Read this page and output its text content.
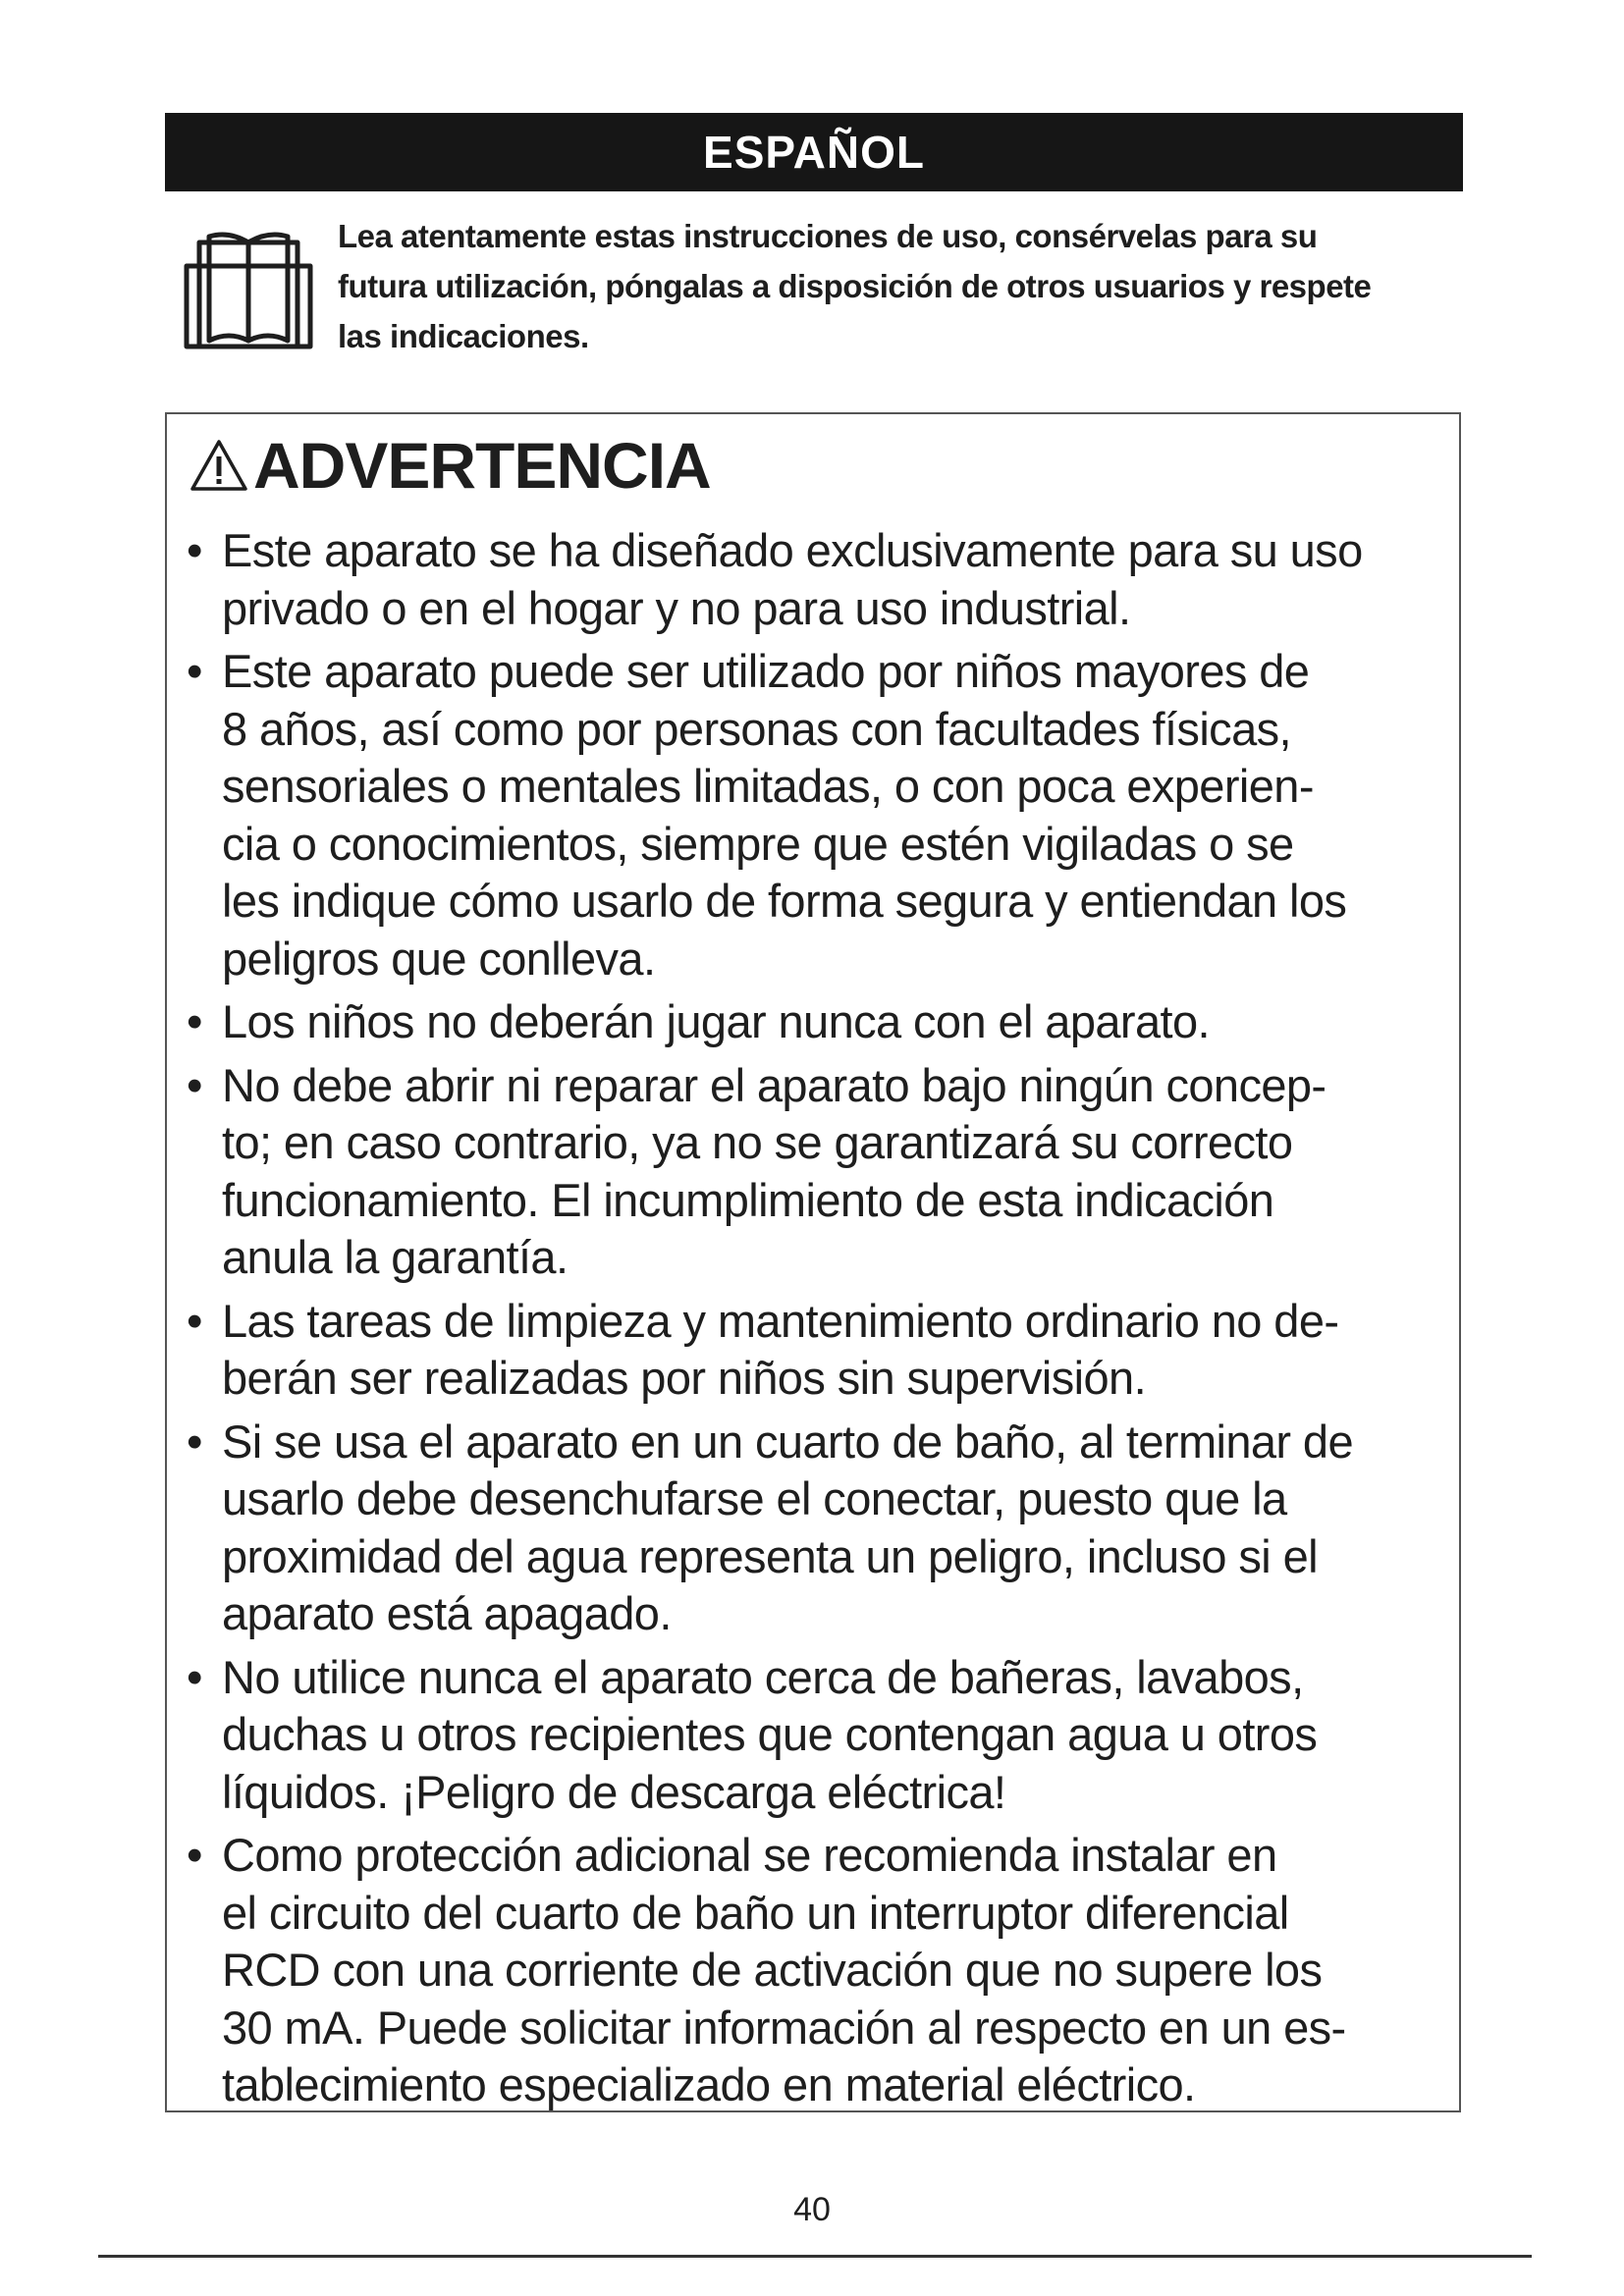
ESPAÑOL
Lea atentamente estas instrucciones de uso, consérvelas para su
futura utilización, póngalas a disposición de otros usuarios y respete
las indicaciones.
ADVERTENCIA
• Este aparato se ha diseñado exclusivamente para su uso
privado o en el hogar y no para uso industrial.
• Este aparato puede ser utilizado por niños mayores de
8 años, así como por personas con facultades físicas,
sensoriales o mentales limitadas, o con poca experien-
cia o conocimientos, siempre que estén vigiladas o se
les indique cómo usarlo de forma segura y entiendan los
peligros que conlleva.
• Los niños no deberán jugar nunca con el aparato.
• No debe abrir ni reparar el aparato bajo ningún concep-
to; en caso contrario, ya no se garantizará su correcto
funcionamiento. El incumplimiento de esta indicación
anula la garantía.
• Las tareas de limpieza y mantenimiento ordinario no de-
berán ser realizadas por niños sin supervisión.
• Si se usa el aparato en un cuarto de baño, al terminar de
usarlo debe desenchufarse el conectar, puesto que la
proximidad del agua representa un peligro, incluso si el
aparato está apagado.
• No utilice nunca el aparato cerca de bañeras, lavabos,
duchas u otros recipientes que contengan agua u otros
líquidos. ¡Peligro de descarga eléctrica!
• Como protección adicional se recomienda instalar en
el circuito del cuarto de baño un interruptor diferencial
RCD con una corriente de activación que no supere los
30 mA. Puede solicitar información al respecto en un es-
tablecimiento especializado en material eléctrico.
40
